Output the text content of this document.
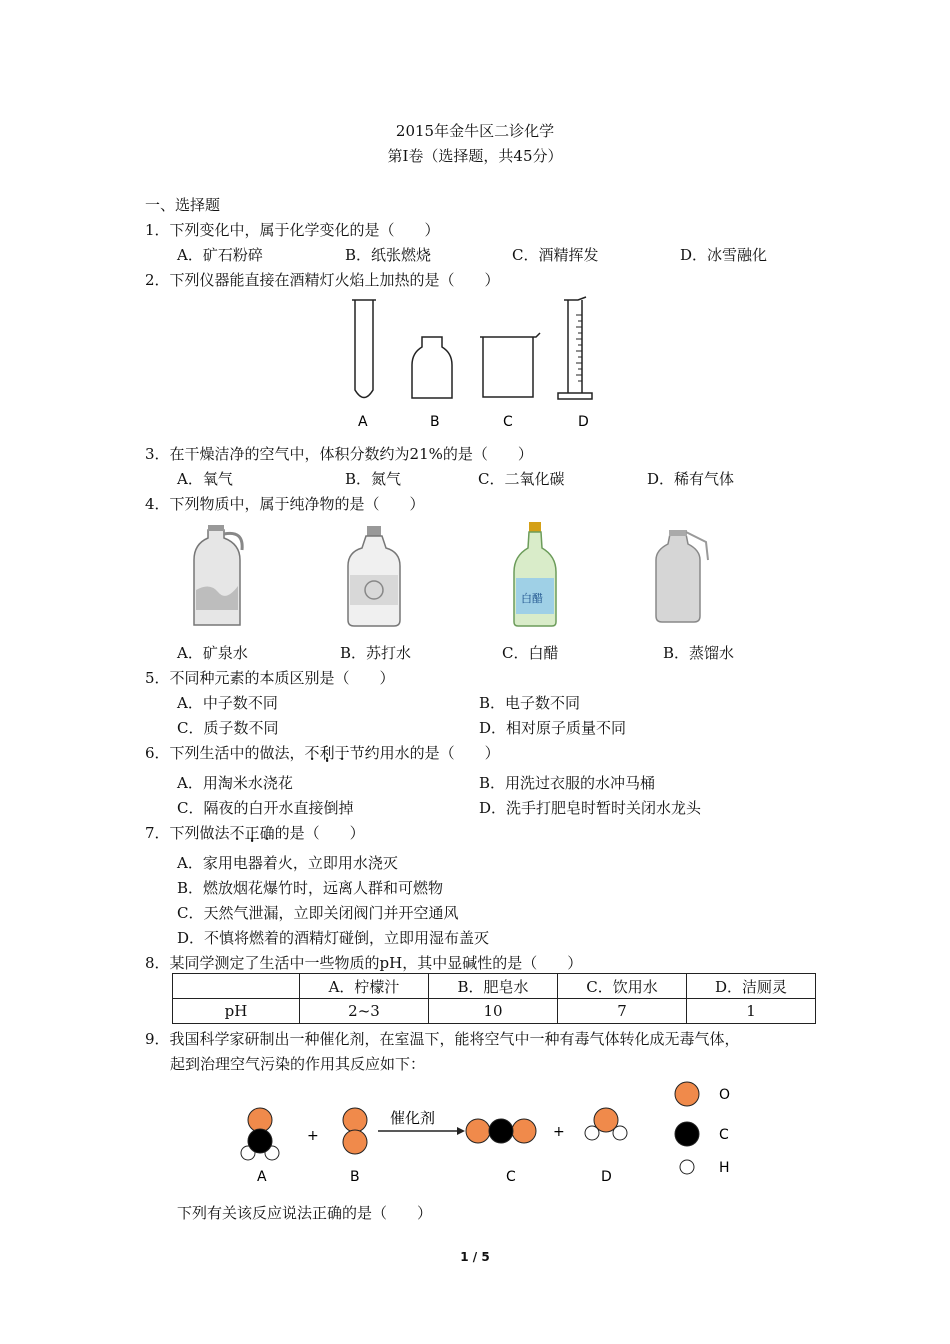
2015年金牛区二诊化学
第I卷（选择题，共45分）
一、选择题
1．下列变化中，属于化学变化的是（　　）
A．矿石粉碎	B．纸张燃烧	C．酒精挥发	D．冰雪融化
2．下列仪器能直接在酒精灯火焰上加热的是（　　）
A	B	C	D
3．在干燥洁净的空气中，体积分数约为21%的是（　　）
A．氧气	B．氮气	C．二氧化碳	D．稀有气体
4．下列物质中，属于纯净物的是（　　）
白醋
A．矿泉水	B．苏打水	C．白醋	B．蒸馏水
5．不同种元素的本质区别是（　　）
A．中子数不同	B．电子数不同
C．质子数不同	D．相对原子质量不同
6．下列生活中的做法，不利于节约用水的是（　　）
A．用淘米水浇花	B．用洗过衣服的水冲马桶
C．隔夜的白开水直接倒掉	D．洗手打肥皂时暂时关闭水龙头
7．下列做法不正确的是（　　）
A．家用电器着火，立即用水浇灭
B．燃放烟花爆竹时，远离人群和可燃物
C．天然气泄漏，立即关闭阀门并开空通风
D．不慎将燃着的酒精灯碰倒，立即用湿布盖灭
8．某同学测定了生活中一些物质的pH，其中显碱性的是（　　）
	A．柠檬汁	B．肥皂水	C．饮用水	D．洁厕灵
pH	2~3	10	7	1
9．我国科学家研制出一种催化剂，在室温下，能将空气中一种有毒气体转化成无毒气体，
起到治理空气污染的作用其反应如下：
+
催化剂
+
A	B	C	D
O
C
H
下列有关该反应说法正确的是（　　）
1 / 5
